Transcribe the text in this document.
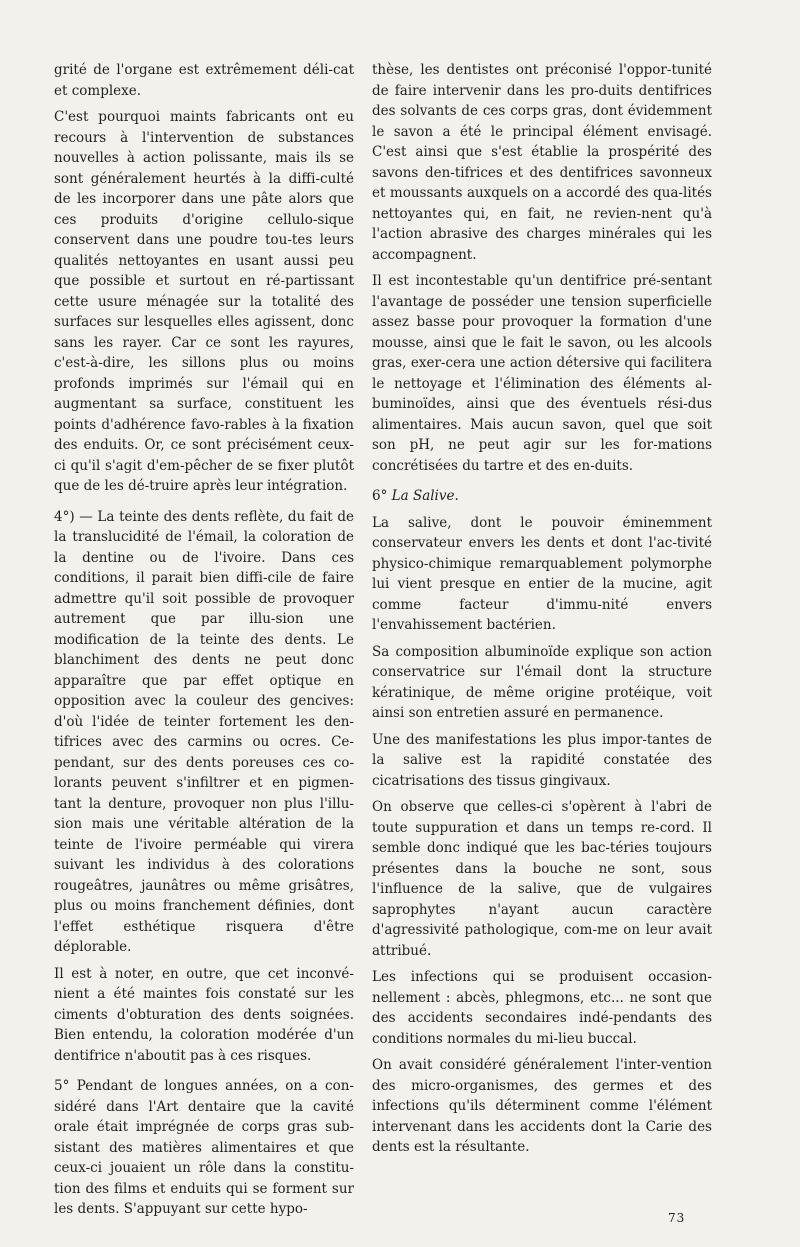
grité de l'organe est extrêmement déli-cat et complexe.

C'est pourquoi maints fabricants ont eu recours à l'intervention de substances nouvelles à action polissante, mais ils se sont généralement heurtés à la diffi-culté de les incorporer dans une pâte alors que ces produits d'origine cellulo-sique conservent dans une poudre tou-tes leurs qualités nettoyantes en usant aussi peu que possible et surtout en ré-partissant cette usure ménagée sur la totalité des surfaces sur lesquelles elles agissent, donc sans les rayer. Car ce sont les rayures, c'est-à-dire, les sillons plus ou moins profonds imprimés sur l'émail qui en augmentant sa surface, constituent les points d'adhérence favo-rables à la fixation des enduits. Or, ce sont précisément ceux-ci qu'il s'agit d'em-pêcher de se fixer plutôt que de les dé-truire après leur intégration.

4°) — La teinte des dents reflète, du fait de la translucidité de l'émail, la coloration de la dentine ou de l'ivoire. Dans ces conditions, il parait bien diffi-cile de faire admettre qu'il soit possible de provoquer autrement que par illu-sion une modification de la teinte des dents. Le blanchiment des dents ne peut donc apparaître que par effet optique en opposition avec la couleur des gencives: d'où l'idée de teinter fortement les den-tifrices avec des carmins ou ocres. Ce-pendant, sur des dents poreuses ces co-lorants peuvent s'infiltrer et en pigmen-tant la denture, provoquer non plus l'illu-sion mais une véritable altération de la teinte de l'ivoire perméable qui virera suivant les individus à des colorations rougeâtres, jaunâtres ou même grisâtres, plus ou moins franchement définies, dont l'effet esthétique risquera d'être déplorable.

Il est à noter, en outre, que cet inconvé-nient a été maintes fois constaté sur les ciments d'obturation des dents soignées. Bien entendu, la coloration modérée d'un dentifrice n'aboutit pas à ces risques.

5° Pendant de longues années, on a con-sidéré dans l'Art dentaire que la cavité orale était imprégnée de corps gras sub-sistant des matières alimentaires et que ceux-ci jouaient un rôle dans la constitu-tion des films et enduits qui se forment sur les dents. S'appuyant sur cette hypo-

thèse, les dentistes ont préconisé l'oppor-tunité de faire intervenir dans les pro-duits dentifrices des solvants de ces corps gras, dont évidemment le savon a été le principal élément envisagé. C'est ainsi que s'est établie la prospérité des savons den-tifrices et des dentifrices savonneux et moussants auxquels on a accordé des qua-lités nettoyantes qui, en fait, ne revien-nent qu'à l'action abrasive des charges minérales qui les accompagnent.

Il est incontestable qu'un dentifrice pré-sentant l'avantage de posséder une tension superficielle assez basse pour provoquer la formation d'une mousse, ainsi que le fait le savon, ou les alcools gras, exer-cera une action détersive qui facilitera le nettoyage et l'élimination des éléments al-buminoïdes, ainsi que des éventuels rési-dus alimentaires. Mais aucun savon, quel que soit son pH, ne peut agir sur les for-mations concrétisées du tartre et des en-duits.

6° La Salive.

La salive, dont le pouvoir éminemment conservateur envers les dents et dont l'ac-tivité physico-chimique remarquablement polymorphe lui vient presque en entier de la mucine, agit comme facteur d'immu-nité envers l'envahissement bactérien.

Sa composition albuminoïde explique son action conservatrice sur l'émail dont la structure kératinique, de même origine protéique, voit ainsi son entretien assuré en permanence.

Une des manifestations les plus impor-tantes de la salive est la rapidité constatée des cicatrisations des tissus gingivaux.

On observe que celles-ci s'opèrent à l'abri de toute suppuration et dans un temps re-cord. Il semble donc indiqué que les bac-téries toujours présentes dans la bouche ne sont, sous l'influence de la salive, que de vulgaires saprophytes n'ayant aucun caractère d'agressivité pathologique, com-me on leur avait attribué.

Les infections qui se produisent occasion-nellement : abcès, phlegmons, etc... ne sont que des accidents secondaires indé-pendants des conditions normales du mi-lieu buccal.

On avait considéré généralement l'inter-vention des micro-organismes, des germes et des infections qu'ils déterminent comme l'élément intervenant dans les accidents dont la Carie des dents est la résultante.

73
